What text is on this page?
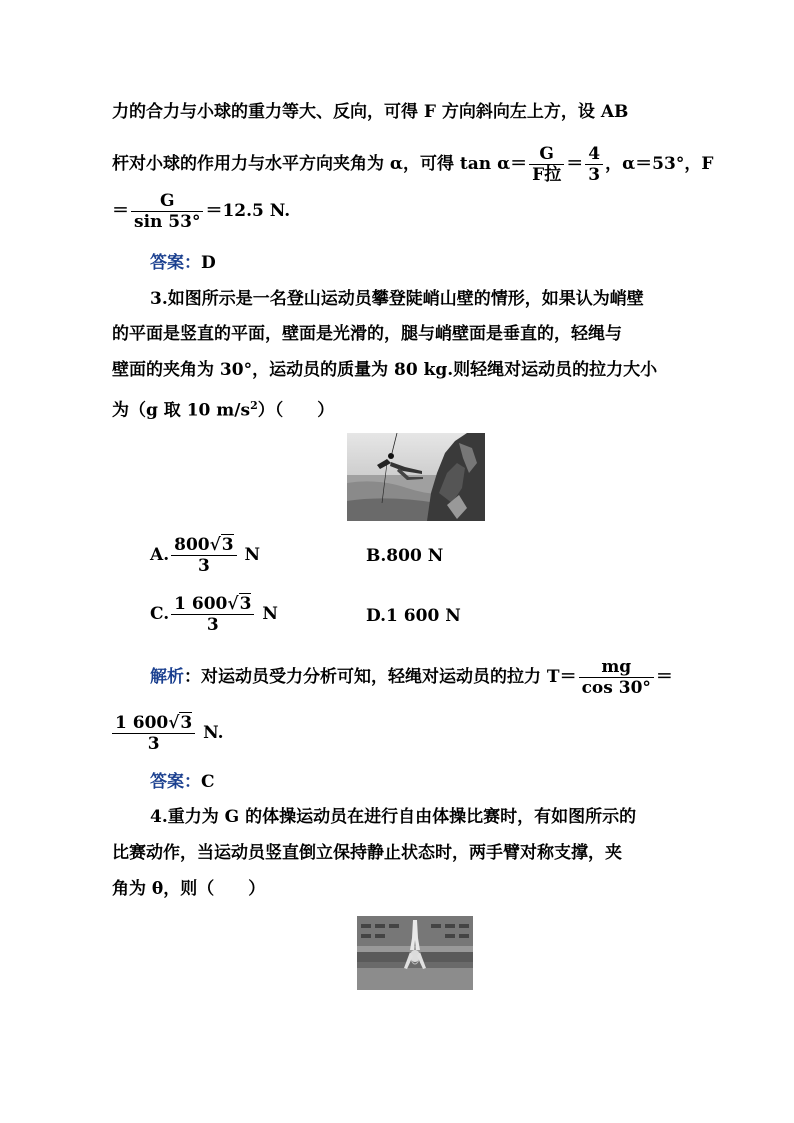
力的合力与小球的重力等大、反向，可得 F 方向斜向左上方，设 AB
杆对小球的作用力与水平方向夹角为 α，可得 $\tan \alpha= \frac{G}{\text{F拉}} = \frac{4}{3}$ ，α＝53°，F
＝ $\frac{G}{\sin 53^\circ} =12.5$ N.
答案：D
3.如图所示是一名登山运动员攀登陡峭山壁的情形，如果认为峭壁
的平面是竖直的平面，壁面是光滑的，腿与峭壁面是垂直的，轻绳与
壁面的夹角为 30°，运动员的质量为 80 kg.则轻绳对运动员的拉力大小
为（g 取 10 $m/s^2$）（　　）
A. $\frac{800√3}{3}$ N	B.800 N
C. $\frac{1 600√3}{3}$ N	D.1 600 N
解析：对运动员受力分析可知，轻绳对运动员的拉力 $T= \frac{mg}{\cos 30^\circ}$ ＝
$\frac{1 600√3}{3} N$.
答案：C
4.重力为 G 的体操运动员在进行自由体操比赛时，有如图所示的
比赛动作，当运动员竖直倒立保持静止状态时，两手臂对称支撑，夹
角为 θ，则（　　）
